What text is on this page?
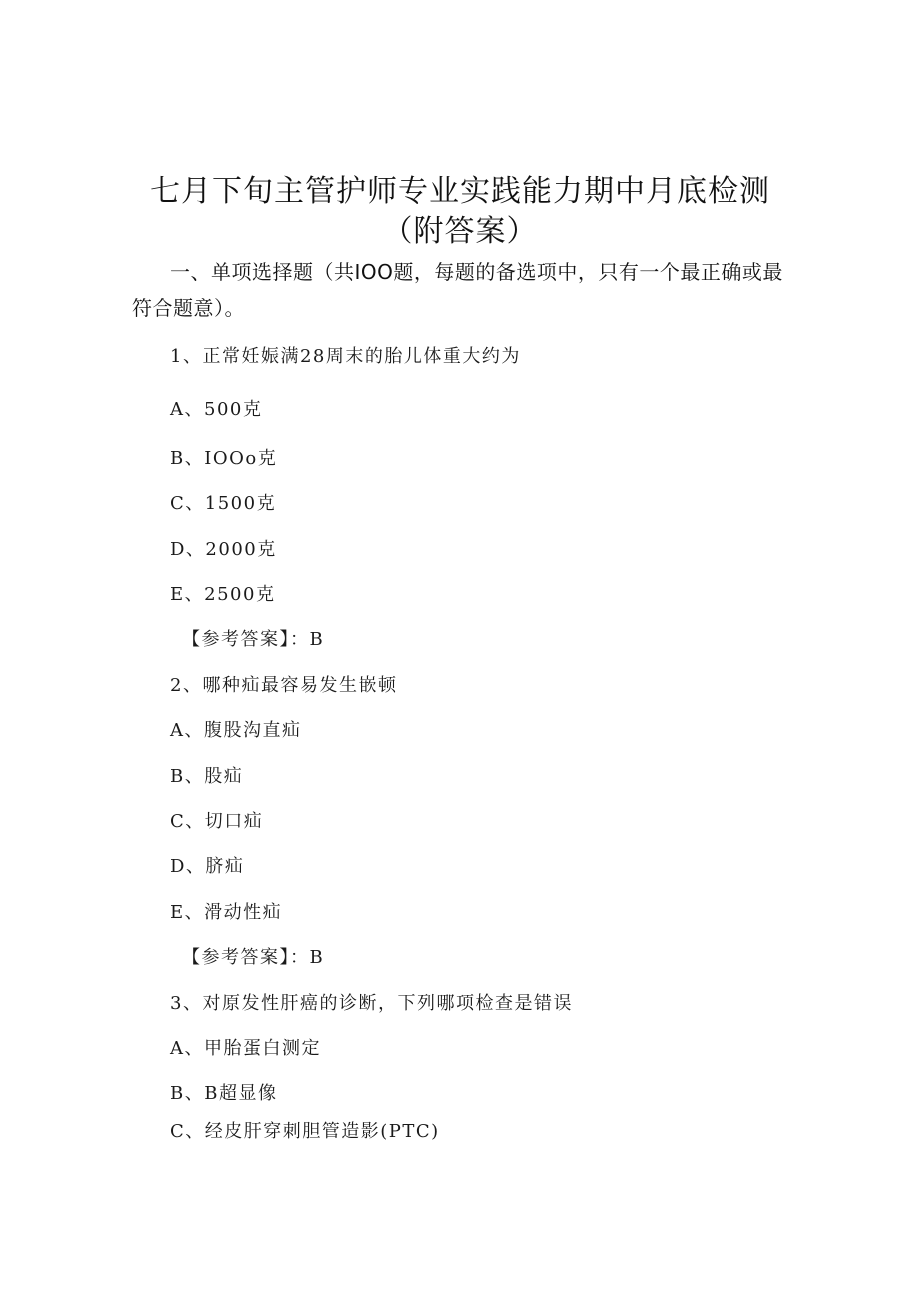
七月下旬主管护师专业实践能力期中月底检测
（附答案）
一、单项选择题（共IOO题，每题的备选项中，只有一个最正确或最符合题意）。
1、正常妊娠满28周末的胎儿体重大约为
A、500克
B、IOOo克
C、1500克
D、2000克
E、2500克
【参考答案】：B
2、哪种疝最容易发生嵌顿
A、腹股沟直疝
B、股疝
C、切口疝
D、脐疝
E、滑动性疝
【参考答案】：B
3、对原发性肝癌的诊断，下列哪项检查是错误
A、甲胎蛋白测定
B、B超显像
C、经皮肝穿刺胆管造影(PTC)
